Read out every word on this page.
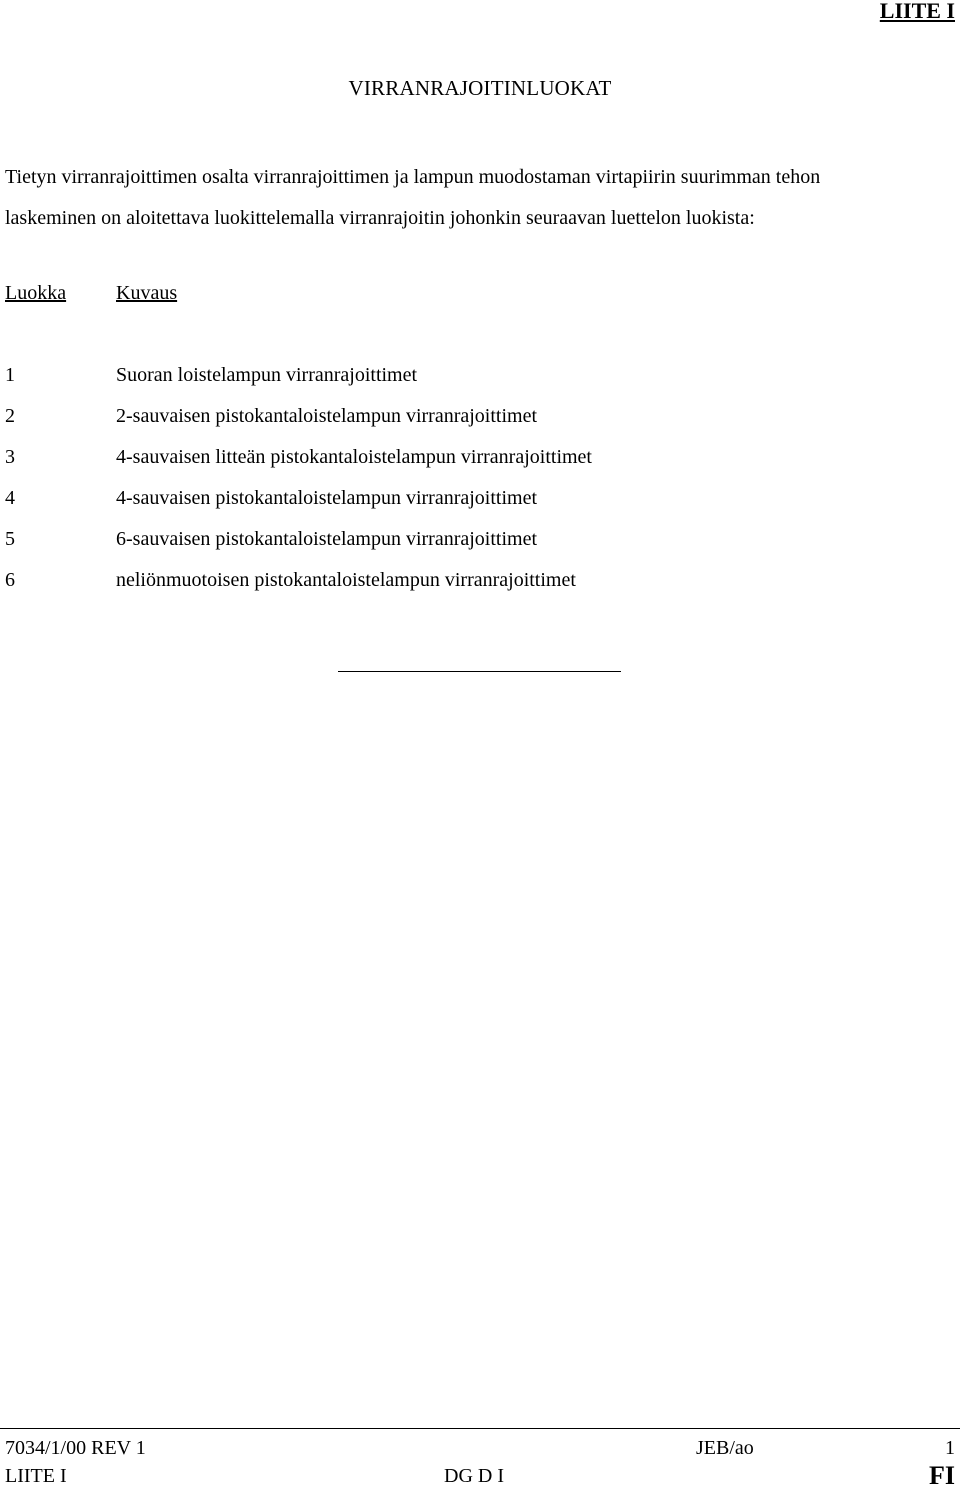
LIITE I
VIRRANRAJOITINLUOKAT
Tietyn virranrajoittimen osalta virranrajoittimen ja lampun muodostaman virtapiirin suurimman tehon
laskeminen on aloitettava luokittelemalla virranrajoitin johonkin seuraavan luettelon luokista:
Luokka Kuvaus
1	Suoran loistelampun virranrajoittimet
2	2-sauvaisen pistokantaloistelampun virranrajoittimet
3	4-sauvaisen litteän pistokantaloistelampun virranrajoittimet
4	4-sauvaisen pistokantaloistelampun virranrajoittimet
5	6-sauvaisen pistokantaloistelampun virranrajoittimet
6	neliönmuotoisen pistokantaloistelampun virranrajoittimet
7034/1/00 REV 1	JEB/ao	1
LIITE I	DG D I	FI
